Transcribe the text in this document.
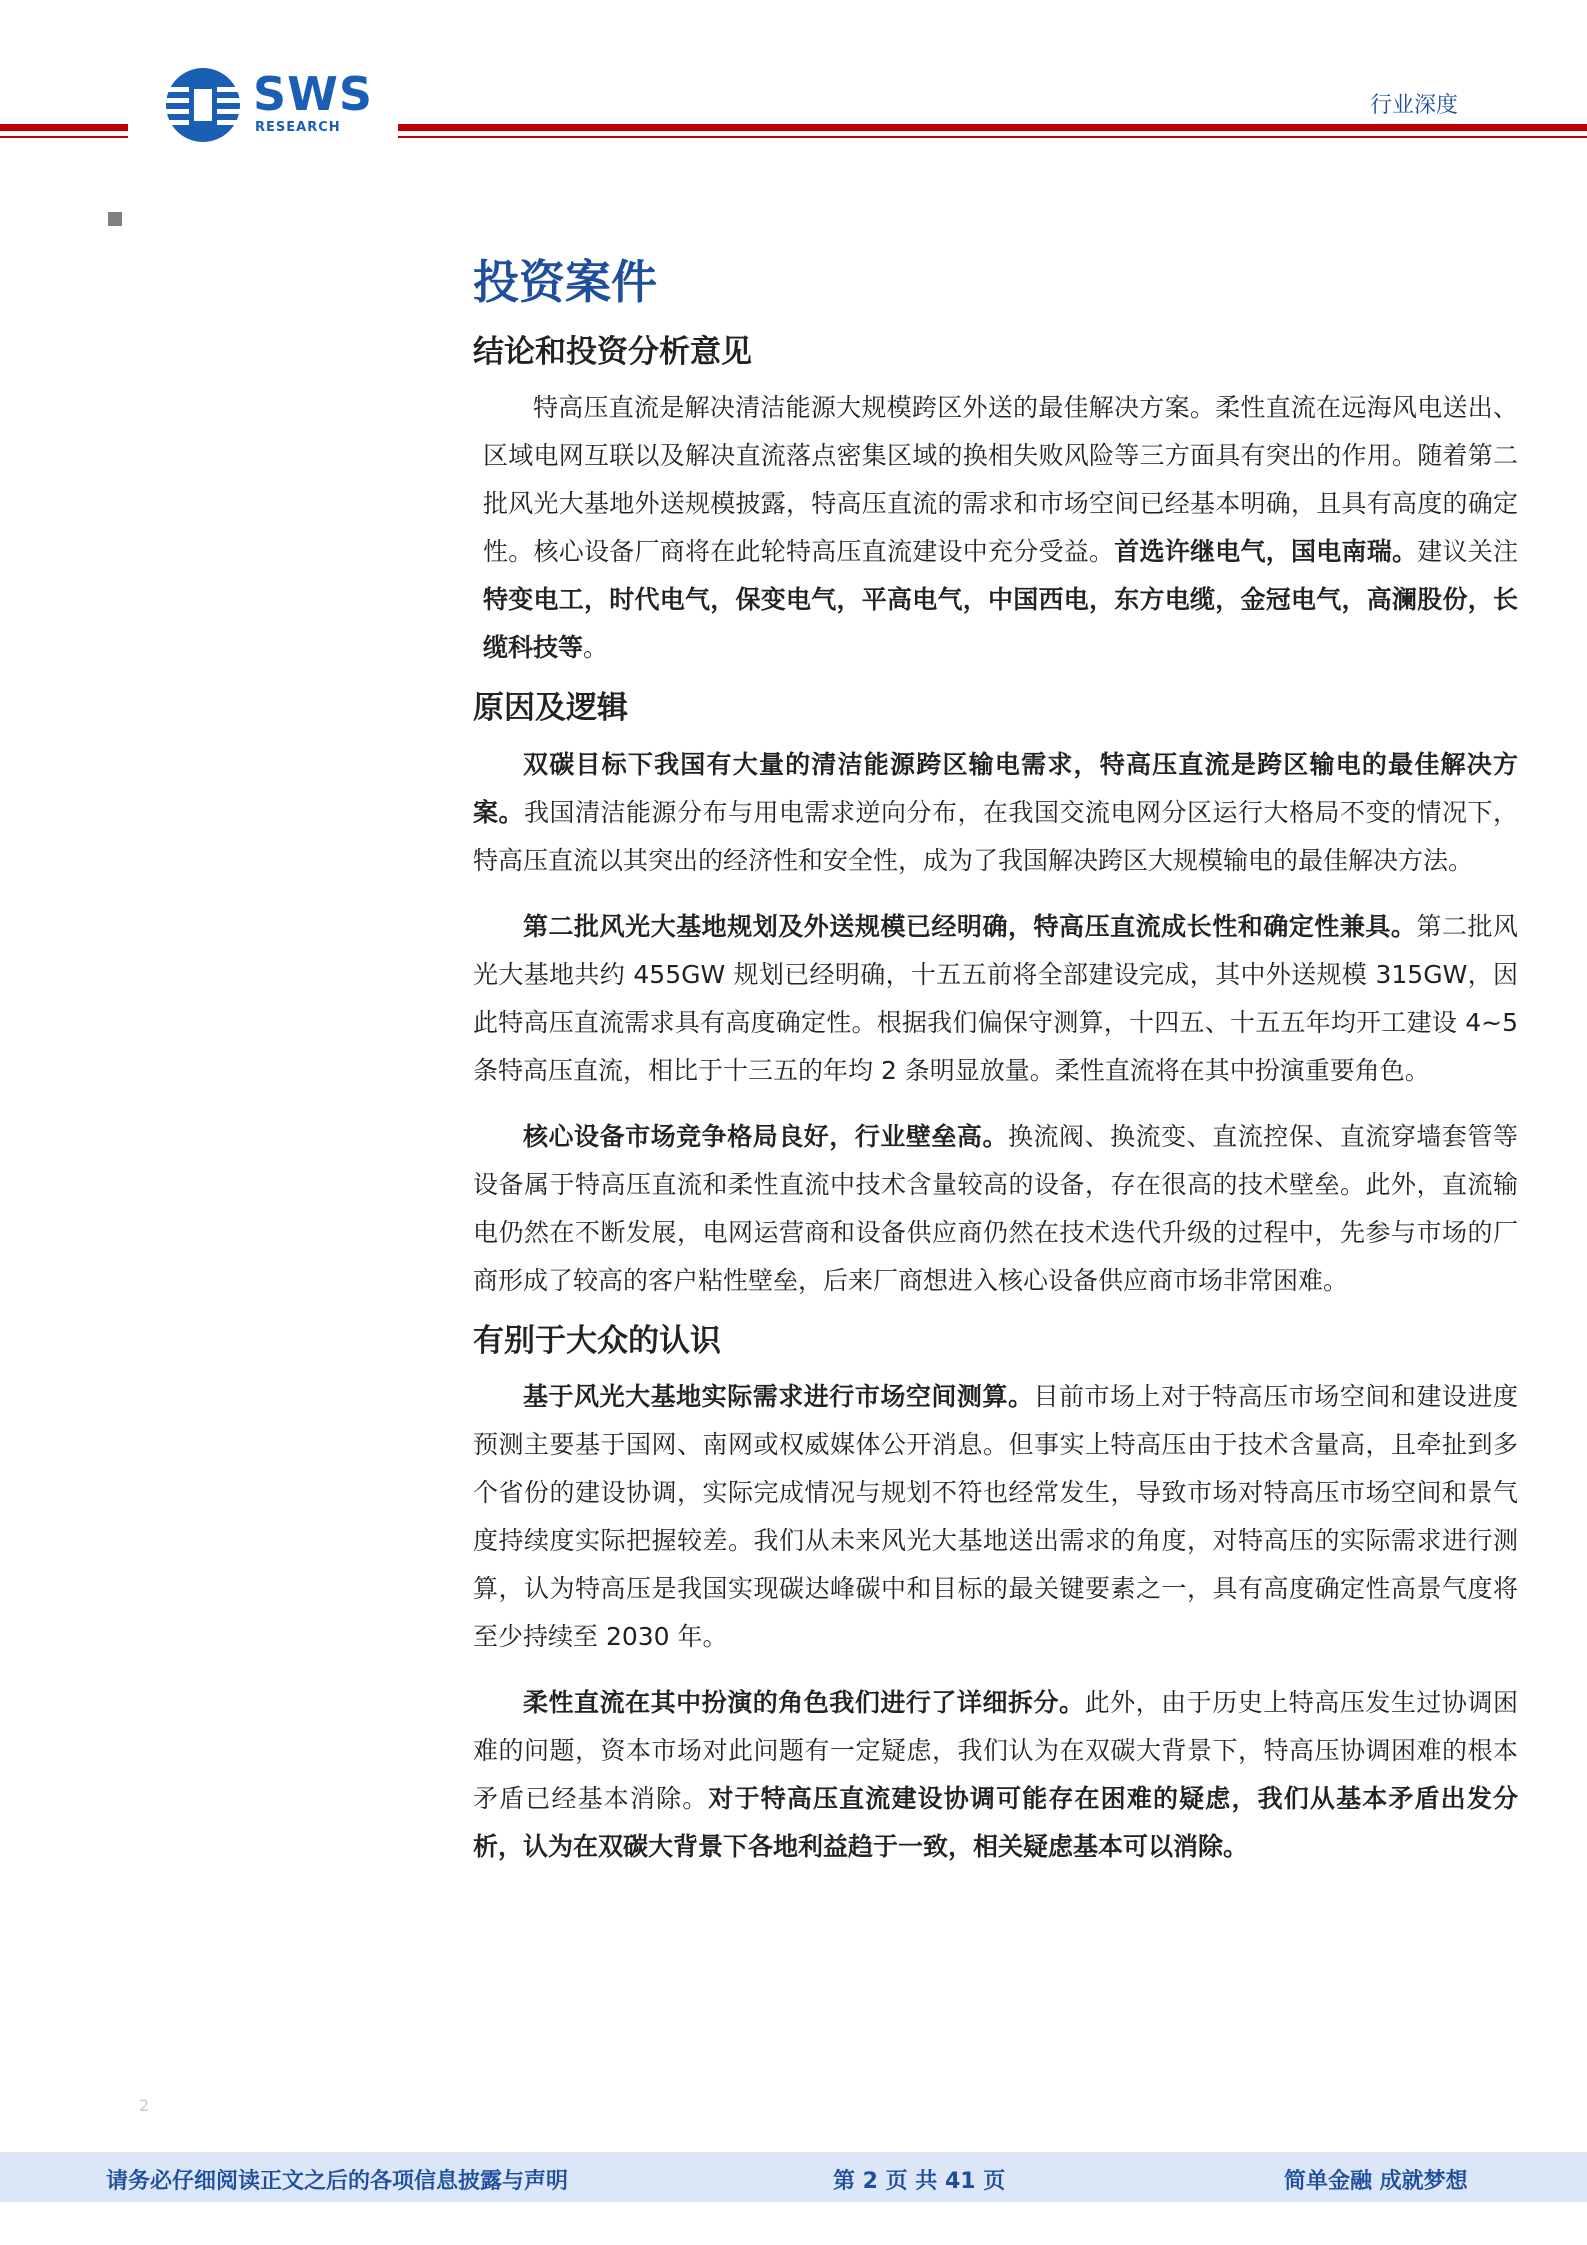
SWS
RESEARCH
行业深度
投资案件
结论和投资分析意见

特高压直流是解决清洁能源大规模跨区外送的最佳解决方案。柔性直流在远海风电送出、区域电网互联以及解决直流落点密集区域的换相失败风险等三方面具有突出的作用。随着第二批风光大基地外送规模披露，特高压直流的需求和市场空间已经基本明确，且具有高度的确定性。核心设备厂商将在此轮特高压直流建设中充分受益。首选许继电气，国电南瑞。建议关注特变电工，时代电气，保变电气，平高电气，中国西电，东方电缆，金冠电气，高澜股份，长缆科技等。

原因及逻辑

双碳目标下我国有大量的清洁能源跨区输电需求，特高压直流是跨区输电的最佳解决方案。我国清洁能源分布与用电需求逆向分布，在我国交流电网分区运行大格局不变的情况下，特高压直流以其突出的经济性和安全性，成为了我国解决跨区大规模输电的最佳解决方法。

第二批风光大基地规划及外送规模已经明确，特高压直流成长性和确定性兼具。第二批风光大基地共约 455GW 规划已经明确，十五五前将全部建设完成，其中外送规模 315GW，因此特高压直流需求具有高度确定性。根据我们偏保守测算，十四五、十五五年均开工建设 4~5 条特高压直流，相比于十三五的年均 2 条明显放量。柔性直流将在其中扮演重要角色。

核心设备市场竞争格局良好，行业壁垒高。换流阀、换流变、直流控保、直流穿墙套管等设备属于特高压直流和柔性直流中技术含量较高的设备，存在很高的技术壁垒。此外，直流输电仍然在不断发展，电网运营商和设备供应商仍然在技术迭代升级的过程中，先参与市场的厂商形成了较高的客户粘性壁垒，后来厂商想进入核心设备供应商市场非常困难。

有别于大众的认识

基于风光大基地实际需求进行市场空间测算。目前市场上对于特高压市场空间和建设进度预测主要基于国网、南网或权威媒体公开消息。但事实上特高压由于技术含量高，且牵扯到多个省份的建设协调，实际完成情况与规划不符也经常发生，导致市场对特高压市场空间和景气度持续度实际把握较差。我们从未来风光大基地送出需求的角度，对特高压的实际需求进行测算，认为特高压是我国实现碳达峰碳中和目标的最关键要素之一，具有高度确定性高景气度将至少持续至 2030 年。

柔性直流在其中扮演的角色我们进行了详细拆分。此外，由于历史上特高压发生过协调困难的问题，资本市场对此问题有一定疑虑，我们认为在双碳大背景下，特高压协调困难的根本矛盾已经基本消除。对于特高压直流建设协调可能存在困难的疑虑，我们从基本矛盾出发分析，认为在双碳大背景下各地利益趋于一致，相关疑虑基本可以消除。

2
请务必仔细阅读正文之后的各项信息披露与声明	第 2 页 共 41 页	简单金融 成就梦想
